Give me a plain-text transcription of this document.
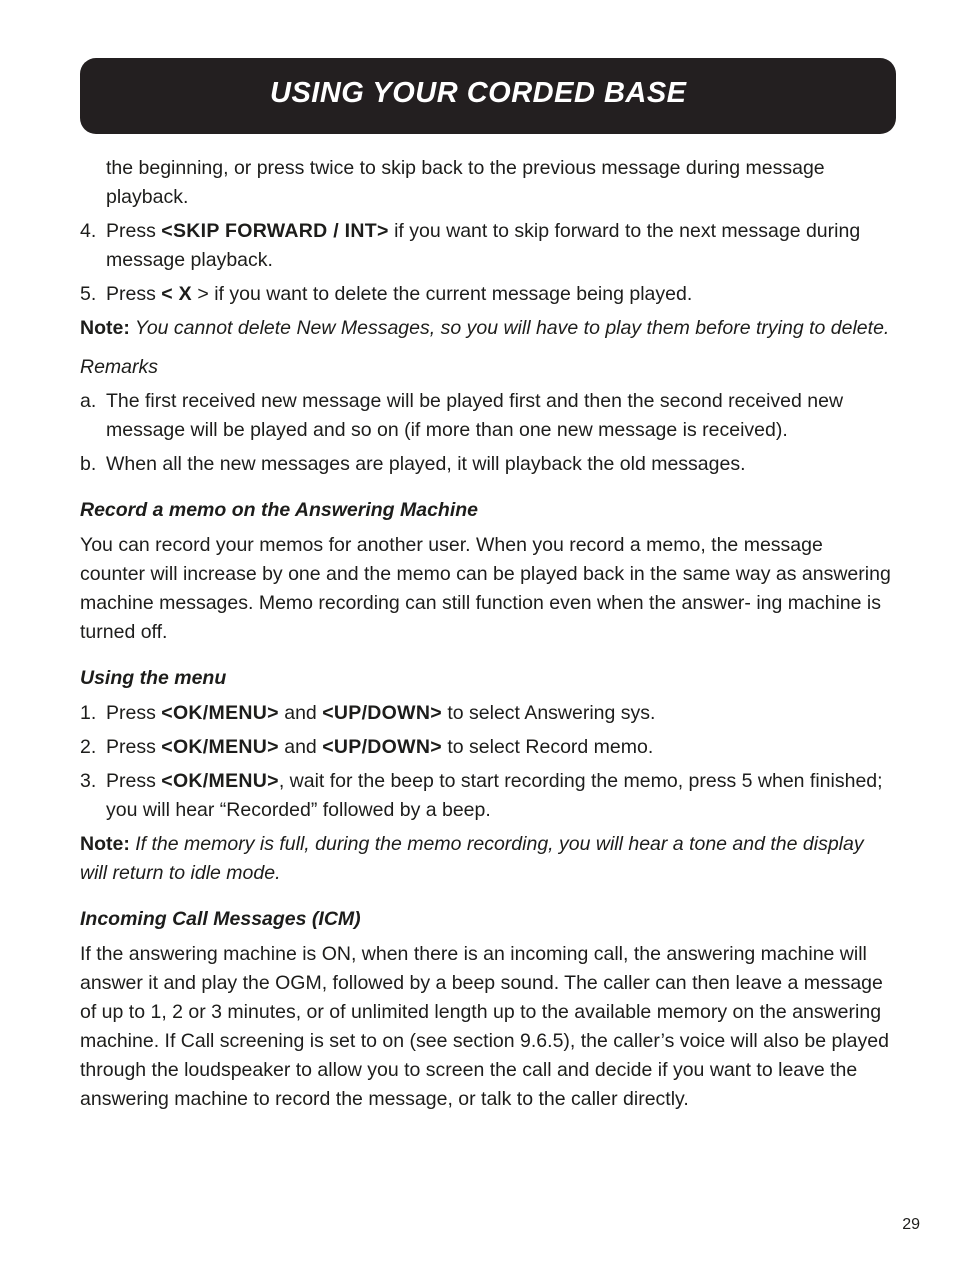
USING YOUR CORDED BASE

the beginning, or press twice to skip back to the previous message during message playback.

4. Press <SKIP FORWARD / INT> if you want to skip forward to the next message during message playback.

5. Press < X > if you want to delete the current message being played.

Note: You cannot delete New Messages, so you will have to play them before trying to delete.

Remarks

a. The first received new message will be played first and then the second received new message will be played and so on (if more than one new message is received).

b. When all the new messages are played, it will playback the old messages.

Record a memo on the Answering Machine

You can record your memos for another user. When you record a memo, the message counter will increase by one and the memo can be played back in the same way as answering machine messages. Memo recording can still function even when the answer- ing machine is turned off.

Using the menu

1. Press <OK/MENU> and <UP/DOWN> to select Answering sys.

2. Press <OK/MENU> and <UP/DOWN> to select Record memo.

3. Press <OK/MENU>, wait for the beep to start recording the memo, press 5 when finished; you will hear “Recorded” followed by a beep.

Note: If the memory is full, during the memo recording, you will hear a tone and the display will return to idle mode.

Incoming Call Messages (ICM)

If the answering machine is ON, when there is an incoming call, the answering machine will answer it and play the OGM, followed by a beep sound. The caller can then leave a message of up to 1, 2 or 3 minutes, or of unlimited length up to the available memory on the answering machine. If Call screening is set to on (see section 9.6.5), the caller’s voice will also be played through the loudspeaker to allow you to screen the call and decide if you want to leave the answering machine to record the message, or talk to the caller directly.

29
